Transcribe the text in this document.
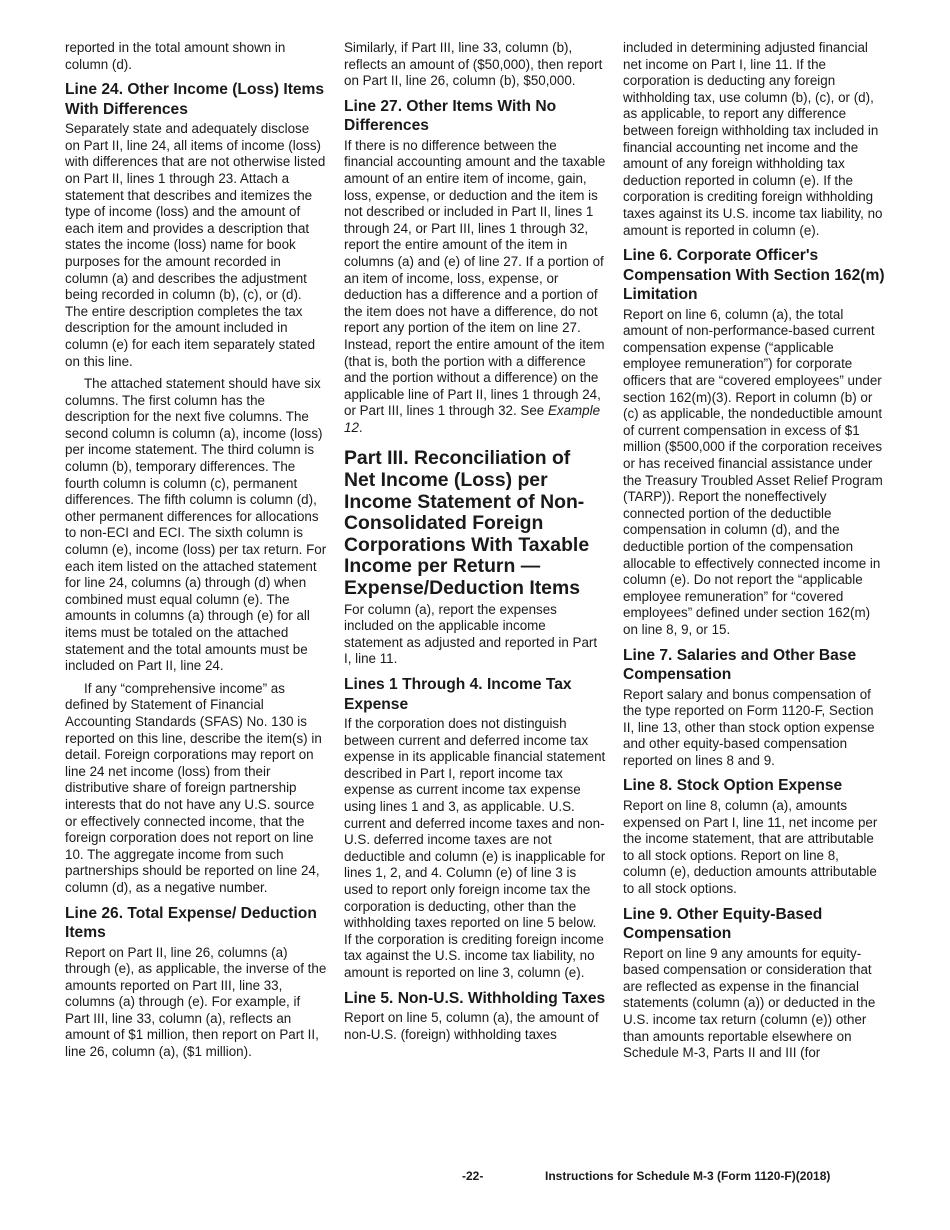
reported in the total amount shown in column (d).

Line 24. Other Income (Loss) Items With Differences

Separately state and adequately disclose on Part II, line 24, all items of income (loss) with differences that are not otherwise listed on Part II, lines 1 through 23. Attach a statement that describes and itemizes the type of income (loss) and the amount of each item and provides a description that states the income (loss) name for book purposes for the amount recorded in column (a) and describes the adjustment being recorded in column (b), (c), or (d). The entire description completes the tax description for the amount included in column (e) for each item separately stated on this line.

The attached statement should have six columns. The first column has the description for the next five columns. The second column is column (a), income (loss) per income statement. The third column is column (b), temporary differences. The fourth column is column (c), permanent differences. The fifth column is column (d), other permanent differences for allocations to non-ECI and ECI. The sixth column is column (e), income (loss) per tax return. For each item listed on the attached statement for line 24, columns (a) through (d) when combined must equal column (e). The amounts in columns (a) through (e) for all items must be totaled on the attached statement and the total amounts must be included on Part II, line 24.

If any “comprehensive income” as defined by Statement of Financial Accounting Standards (SFAS) No. 130 is reported on this line, describe the item(s) in detail. Foreign corporations may report on line 24 net income (loss) from their distributive share of foreign partnership interests that do not have any U.S. source or effectively connected income, that the foreign corporation does not report on line 10. The aggregate income from such partnerships should be reported on line 24, column (d), as a negative number.

Line 26. Total Expense/ Deduction Items

Report on Part II, line 26, columns (a) through (e), as applicable, the inverse of the amounts reported on Part III, line 33, columns (a) through (e). For example, if Part III, line 33, column (a), reflects an amount of $1 million, then report on Part II, line 26, column (a), ($1 million).

Similarly, if Part III, line 33, column (b), reflects an amount of ($50,000), then report on Part II, line 26, column (b), $50,000.

Line 27. Other Items With No Differences

If there is no difference between the financial accounting amount and the taxable amount of an entire item of income, gain, loss, expense, or deduction and the item is not described or included in Part II, lines 1 through 24, or Part III, lines 1 through 32, report the entire amount of the item in columns (a) and (e) of line 27. If a portion of an item of income, loss, expense, or deduction has a difference and a portion of the item does not have a difference, do not report any portion of the item on line 27. Instead, report the entire amount of the item (that is, both the portion with a difference and the portion without a difference) on the applicable line of Part II, lines 1 through 24, or Part III, lines 1 through 32. See Example 12.

Part III. Reconciliation of Net Income (Loss) per Income Statement of Non-Consolidated Foreign Corporations With Taxable Income per Return — Expense/Deduction Items

For column (a), report the expenses included on the applicable income statement as adjusted and reported in Part I, line 11.

Lines 1 Through 4. Income Tax Expense

If the corporation does not distinguish between current and deferred income tax expense in its applicable financial statement described in Part I, report income tax expense as current income tax expense using lines 1 and 3, as applicable. U.S. current and deferred income taxes and non-U.S. deferred income taxes are not deductible and column (e) is inapplicable for lines 1, 2, and 4. Column (e) of line 3 is used to report only foreign income tax the corporation is deducting, other than the withholding taxes reported on line 5 below. If the corporation is crediting foreign income tax against the U.S. income tax liability, no amount is reported on line 3, column (e).

Line 5. Non-U.S. Withholding Taxes

Report on line 5, column (a), the amount of non-U.S. (foreign) withholding taxes

included in determining adjusted financial net income on Part I, line 11. If the corporation is deducting any foreign withholding tax, use column (b), (c), or (d), as applicable, to report any difference between foreign withholding tax included in financial accounting net income and the amount of any foreign withholding tax deduction reported in column (e). If the corporation is crediting foreign withholding taxes against its U.S. income tax liability, no amount is reported in column (e).

Line 6. Corporate Officer's Compensation With Section 162(m) Limitation

Report on line 6, column (a), the total amount of non-performance-based current compensation expense (“applicable employee remuneration”) for corporate officers that are “covered employees” under section 162(m)(3). Report in column (b) or (c) as applicable, the nondeductible amount of current compensation in excess of $1 million ($500,000 if the corporation receives or has received financial assistance under the Treasury Troubled Asset Relief Program (TARP)). Report the noneffectively connected portion of the deductible compensation in column (d), and the deductible portion of the compensation allocable to effectively connected income in column (e). Do not report the “applicable employee remuneration” for “covered employees” defined under section 162(m) on line 8, 9, or 15.

Line 7. Salaries and Other Base Compensation

Report salary and bonus compensation of the type reported on Form 1120-F, Section II, line 13, other than stock option expense and other equity-based compensation reported on lines 8 and 9.

Line 8. Stock Option Expense

Report on line 8, column (a), amounts expensed on Part I, line 11, net income per the income statement, that are attributable to all stock options. Report on line 8, column (e), deduction amounts attributable to all stock options.

Line 9. Other Equity-Based Compensation

Report on line 9 any amounts for equity-based compensation or consideration that are reflected as expense in the financial statements (column (a)) or deducted in the U.S. income tax return (column (e)) other than amounts reportable elsewhere on Schedule M-3, Parts II and III (for

-22-	Instructions for Schedule M-3 (Form 1120-F)(2018)
